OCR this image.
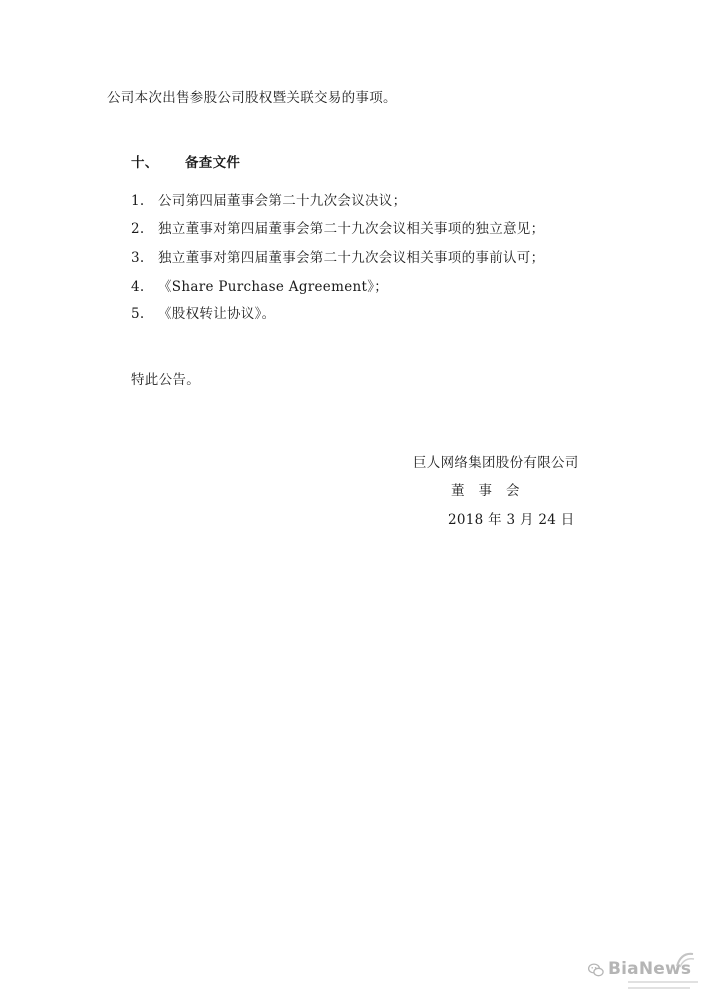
公司本次出售参股公司股权暨关联交易的事项。
十、 备查文件
1. 公司第四届董事会第二十九次会议决议；
2. 独立董事对第四届董事会第二十九次会议相关事项的独立意见；
3. 独立董事对第四届董事会第二十九次会议相关事项的事前认可；
4. 《Share Purchase Agreement》；
5. 《股权转让协议》。
特此公告。
巨人网络集团股份有限公司
董事会
2018 年 3 月 24 日
BiaNews
